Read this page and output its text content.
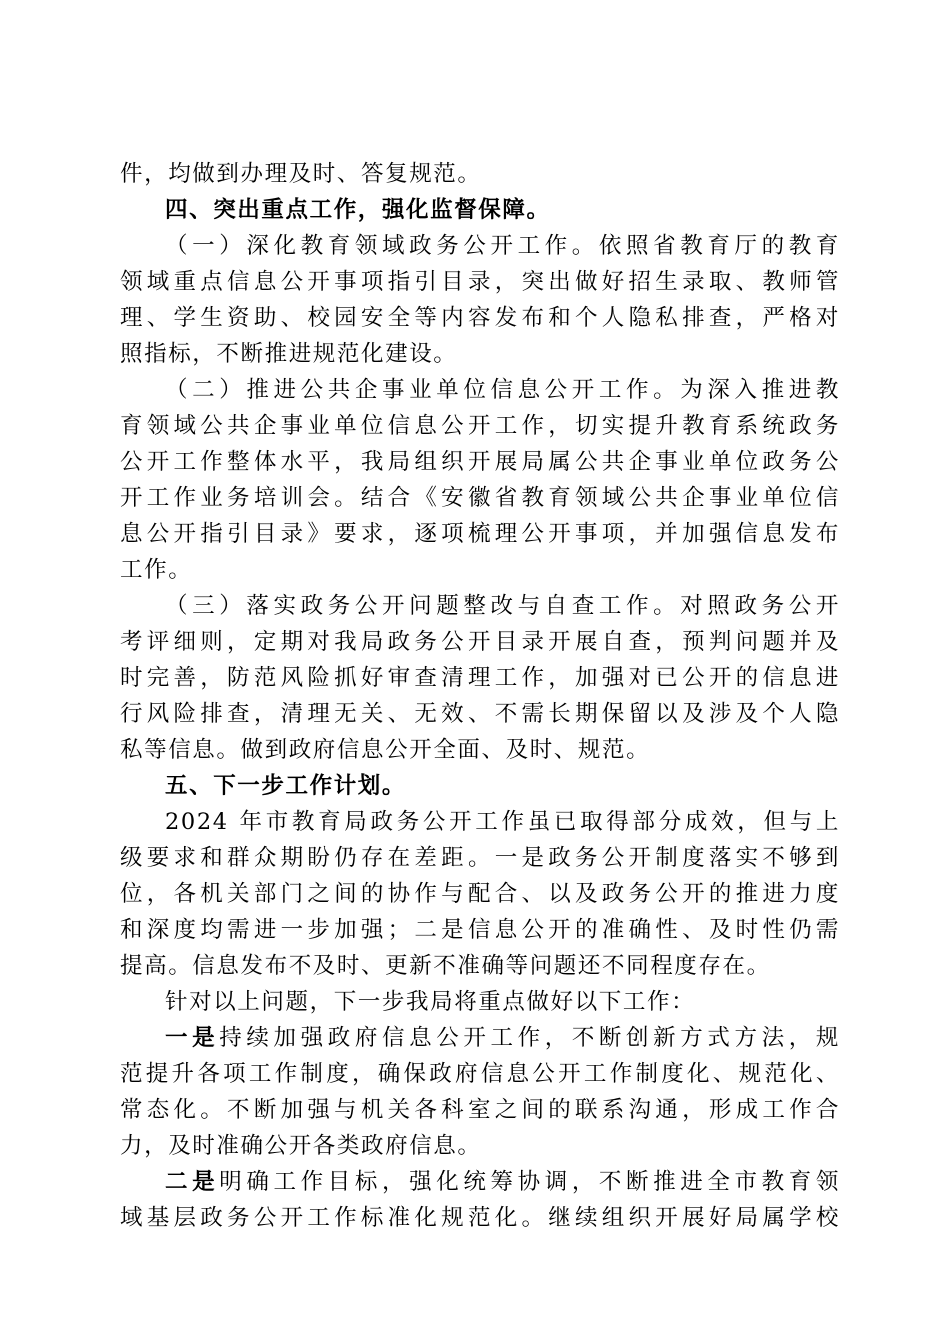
件，均做到办理及时、答复规范。
四、突出重点工作，强化监督保障。
（一）深化教育领域政务公开工作。依照省教育厅的教育
领域重点信息公开事项指引目录，突出做好招生录取、教师管
理、学生资助、校园安全等内容发布和个人隐私排查，严格对
照指标，不断推进规范化建设。
（二）推进公共企事业单位信息公开工作。为深入推进教
育领域公共企事业单位信息公开工作，切实提升教育系统政务
公开工作整体水平，我局组织开展局属公共企事业单位政务公
开工作业务培训会。结合《安徽省教育领域公共企事业单位信
息公开指引目录》要求，逐项梳理公开事项，并加强信息发布
工作。
（三）落实政务公开问题整改与自查工作。对照政务公开
考评细则，定期对我局政务公开目录开展自查，预判问题并及
时完善，防范风险抓好审查清理工作，加强对已公开的信息进
行风险排查，清理无关、无效、不需长期保留以及涉及个人隐
私等信息。做到政府信息公开全面、及时、规范。
五、下一步工作计划。
2024 年市教育局政务公开工作虽已取得部分成效，但与上
级要求和群众期盼仍存在差距。一是政务公开制度落实不够到
位，各机关部门之间的协作与配合、以及政务公开的推进力度
和深度均需进一步加强；二是信息公开的准确性、及时性仍需
提高。信息发布不及时、更新不准确等问题还不同程度存在。
针对以上问题，下一步我局将重点做好以下工作：
一是持续加强政府信息公开工作，不断创新方式方法，规
范提升各项工作制度，确保政府信息公开工作制度化、规范化、
常态化。不断加强与机关各科室之间的联系沟通，形成工作合
力，及时准确公开各类政府信息。
二是明确工作目标，强化统筹协调，不断推进全市教育领
域基层政务公开工作标准化规范化。继续组织开展好局属学校
